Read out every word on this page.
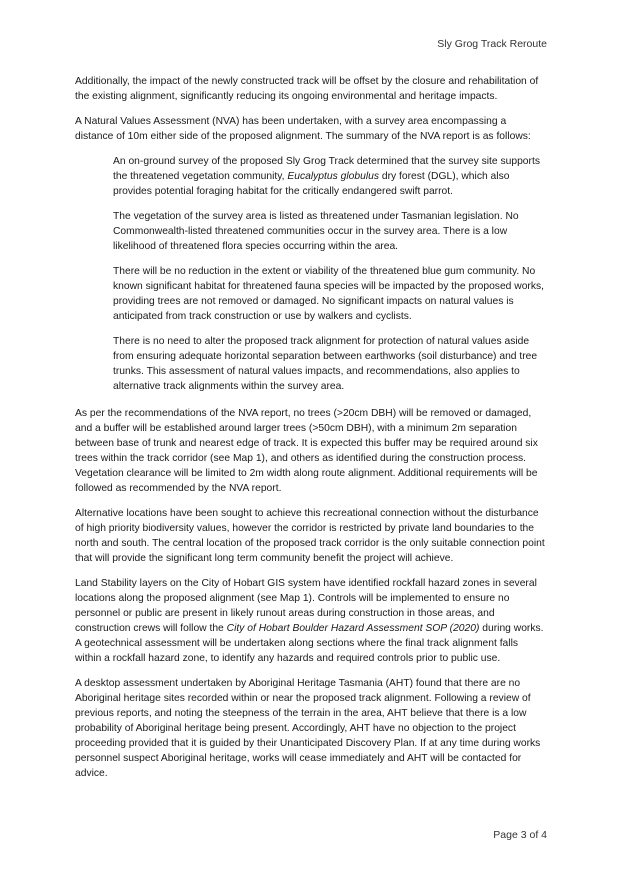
Sly Grog Track Reroute

Additionally, the impact of the newly constructed track will be offset by the closure and rehabilitation of the existing alignment, significantly reducing its ongoing environmental and heritage impacts.

A Natural Values Assessment (NVA) has been undertaken, with a survey area encompassing a distance of 10m either side of the proposed alignment. The summary of the NVA report is as follows:

An on-ground survey of the proposed Sly Grog Track determined that the survey site supports the threatened vegetation community, Eucalyptus globulus dry forest (DGL), which also provides potential foraging habitat for the critically endangered swift parrot.

The vegetation of the survey area is listed as threatened under Tasmanian legislation. No Commonwealth-listed threatened communities occur in the survey area. There is a low likelihood of threatened flora species occurring within the area.

There will be no reduction in the extent or viability of the threatened blue gum community. No known significant habitat for threatened fauna species will be impacted by the proposed works, providing trees are not removed or damaged. No significant impacts on natural values is anticipated from track construction or use by walkers and cyclists.

There is no need to alter the proposed track alignment for protection of natural values aside from ensuring adequate horizontal separation between earthworks (soil disturbance) and tree trunks. This assessment of natural values impacts, and recommendations, also applies to alternative track alignments within the survey area.

As per the recommendations of the NVA report, no trees (>20cm DBH) will be removed or damaged, and a buffer will be established around larger trees (>50cm DBH), with a minimum 2m separation between base of trunk and nearest edge of track. It is expected this buffer may be required around six trees within the track corridor (see Map 1), and others as identified during the construction process. Vegetation clearance will be limited to 2m width along route alignment. Additional requirements will be followed as recommended by the NVA report.

Alternative locations have been sought to achieve this recreational connection without the disturbance of high priority biodiversity values, however the corridor is restricted by private land boundaries to the north and south. The central location of the proposed track corridor is the only suitable connection point that will provide the significant long term community benefit the project will achieve.

Land Stability layers on the City of Hobart GIS system have identified rockfall hazard zones in several locations along the proposed alignment (see Map 1). Controls will be implemented to ensure no personnel or public are present in likely runout areas during construction in those areas, and construction crews will follow the City of Hobart Boulder Hazard Assessment SOP (2020) during works. A geotechnical assessment will be undertaken along sections where the final track alignment falls within a rockfall hazard zone, to identify any hazards and required controls prior to public use.

A desktop assessment undertaken by Aboriginal Heritage Tasmania (AHT) found that there are no Aboriginal heritage sites recorded within or near the proposed track alignment. Following a review of previous reports, and noting the steepness of the terrain in the area, AHT believe that there is a low probability of Aboriginal heritage being present. Accordingly, AHT have no objection to the project proceeding provided that it is guided by their Unanticipated Discovery Plan. If at any time during works personnel suspect Aboriginal heritage, works will cease immediately and AHT will be contacted for advice.

Page 3 of 4
